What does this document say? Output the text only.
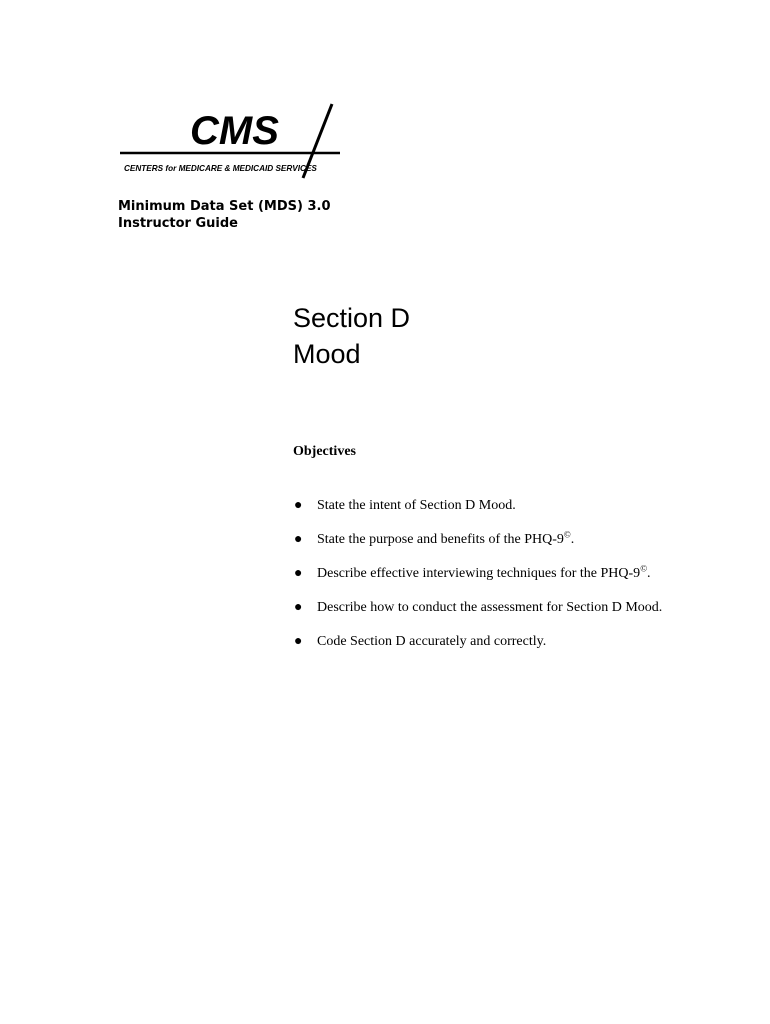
CMS
CENTERS for MEDICARE & MEDICAID SERVICES
Minimum Data Set (MDS) 3.0
Instructor Guide
Section D
Mood
Objectives
● State the intent of Section D Mood.
● State the purpose and benefits of the PHQ-9©.
● Describe effective interviewing techniques for the PHQ-9©.
● Describe how to conduct the assessment for Section D Mood.
● Code Section D accurately and correctly.
